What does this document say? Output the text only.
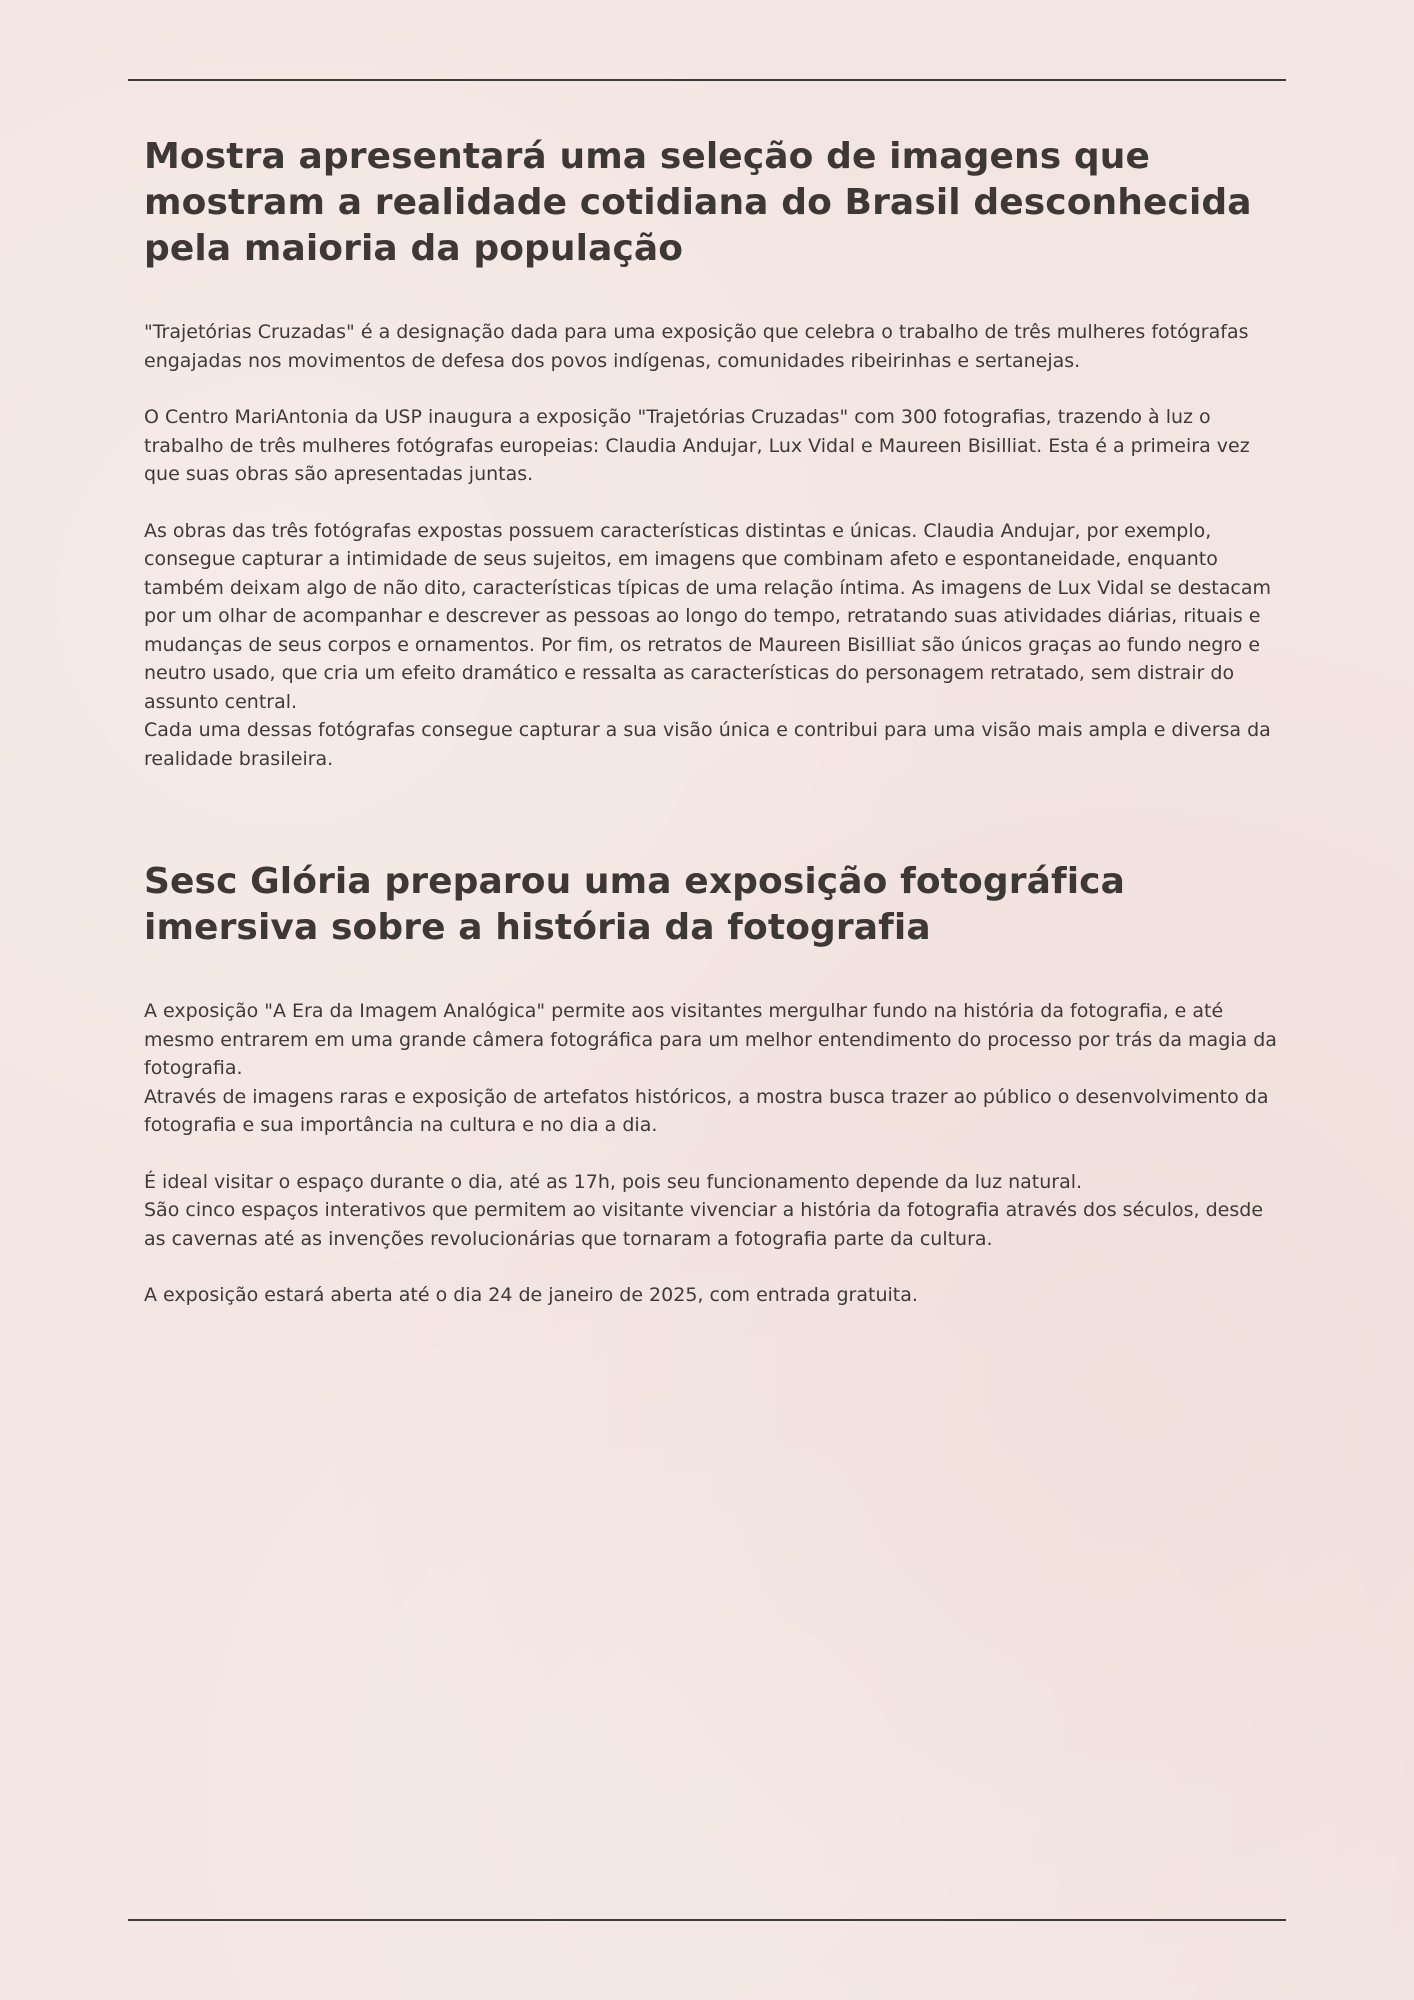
Mostra apresentará uma seleção de imagens que mostram a realidade cotidiana do Brasil desconhecida pela maioria da população

"Trajetórias Cruzadas" é a designação dada para uma exposição que celebra o trabalho de três mulheres fotógrafas engajadas nos movimentos de defesa dos povos indígenas, comunidades ribeirinhas e sertanejas.

O Centro MariAntonia da USP inaugura a exposição "Trajetórias Cruzadas" com 300 fotografias, trazendo à luz o trabalho de três mulheres fotógrafas europeias: Claudia Andujar, Lux Vidal e Maureen Bisilliat. Esta é a primeira vez que suas obras são apresentadas juntas.

As obras das três fotógrafas expostas possuem características distintas e únicas. Claudia Andujar, por exemplo, consegue capturar a intimidade de seus sujeitos, em imagens que combinam afeto e espontaneidade, enquanto também deixam algo de não dito, características típicas de uma relação íntima. As imagens de Lux Vidal se destacam por um olhar de acompanhar e descrever as pessoas ao longo do tempo, retratando suas atividades diárias, rituais e mudanças de seus corpos e ornamentos. Por fim, os retratos de Maureen Bisilliat são únicos graças ao fundo negro e neutro usado, que cria um efeito dramático e ressalta as características do personagem retratado, sem distrair do assunto central.

Cada uma dessas fotógrafas consegue capturar a sua visão única e contribui para uma visão mais ampla e diversa da realidade brasileira.

Sesc Glória preparou uma exposição fotográfica imersiva sobre a história da fotografia

A exposição "A Era da Imagem Analógica" permite aos visitantes mergulhar fundo na história da fotografia, e até mesmo entrarem em uma grande câmera fotográfica para um melhor entendimento do processo por trás da magia da fotografia.

Através de imagens raras e exposição de artefatos históricos, a mostra busca trazer ao público o desenvolvimento da fotografia e sua importância na cultura e no dia a dia.

É ideal visitar o espaço durante o dia, até as 17h, pois seu funcionamento depende da luz natural.

São cinco espaços interativos que permitem ao visitante vivenciar a história da fotografia através dos séculos, desde as cavernas até as invenções revolucionárias que tornaram a fotografia parte da cultura.

A exposição estará aberta até o dia 24 de janeiro de 2025, com entrada gratuita.
